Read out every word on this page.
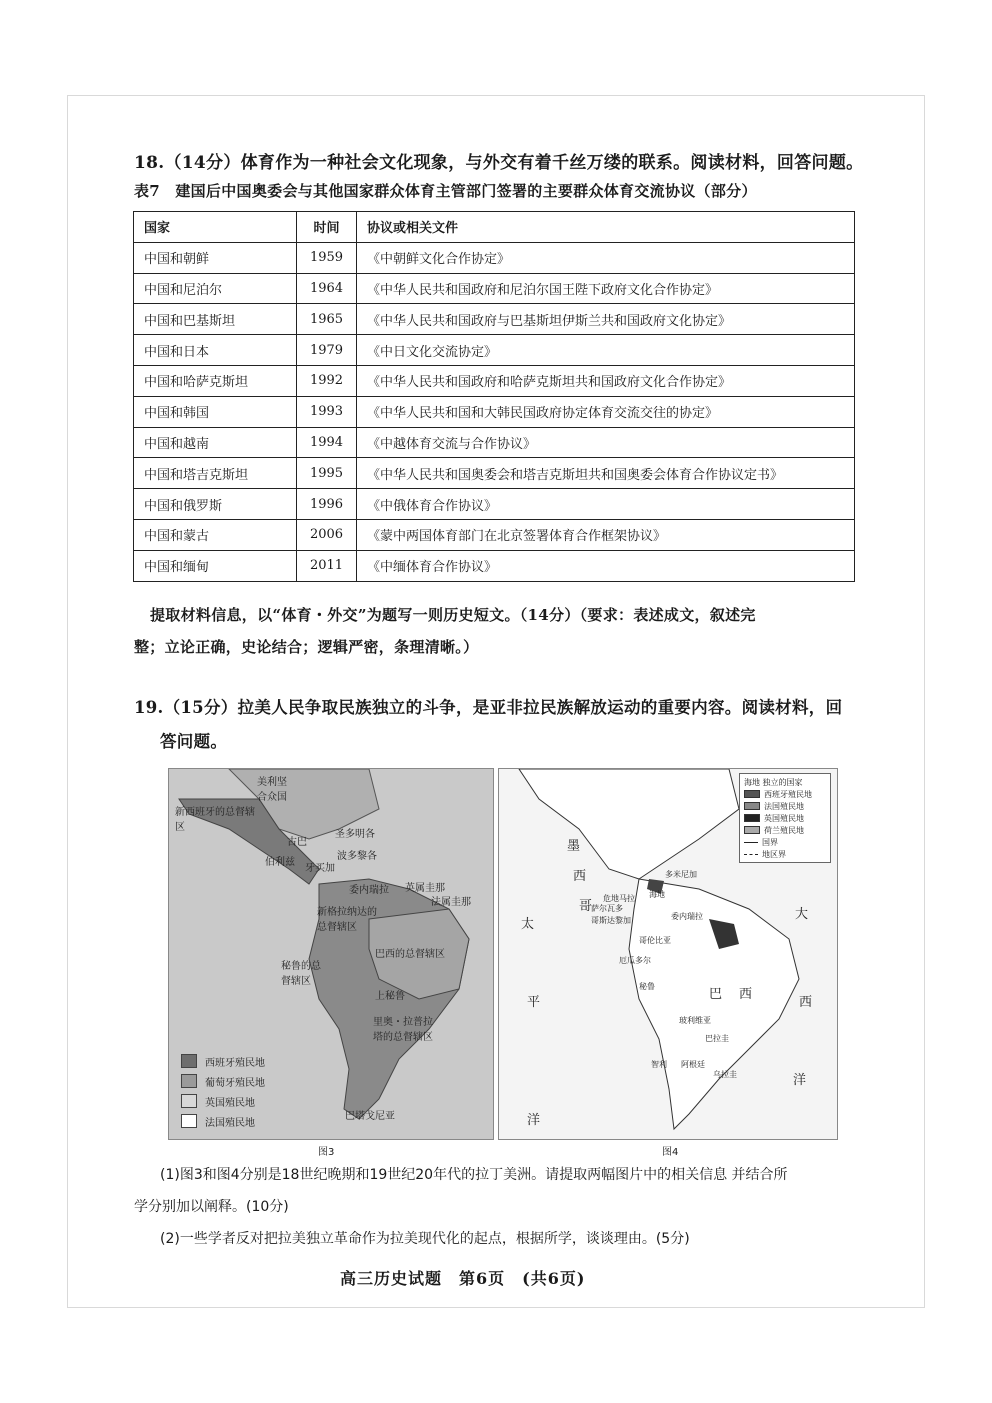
18.（14分）体育作为一种社会文化现象，与外交有着千丝万缕的联系。阅读材料，回答问题。
表7　建国后中国奥委会与其他国家群众体育主管部门签署的主要群众体育交流协议（部分）
国家	时间	协议或相关文件
中国和朝鲜	1959	《中朝鲜文化合作协定》
中国和尼泊尔	1964	《中华人民共和国政府和尼泊尔国王陛下政府文化合作协定》
中国和巴基斯坦	1965	《中华人民共和国政府与巴基斯坦伊斯兰共和国政府文化协定》
中国和日本	1979	《中日文化交流协定》
中国和哈萨克斯坦	1992	《中华人民共和国政府和哈萨克斯坦共和国政府文化合作协定》
中国和韩国	1993	《中华人民共和国和大韩民国政府协定体育交流交往的协定》
中国和越南	1994	《中越体育交流与合作协议》
中国和塔吉克斯坦	1995	《中华人民共和国奥委会和塔吉克斯坦共和国奥委会体育合作协议定书》
中国和俄罗斯	1996	《中俄体育合作协议》
中国和蒙古	2006	《蒙中两国体育部门在北京签署体育合作框架协议》
中国和缅甸	2011	《中缅体育合作协议》
提取材料信息，以“体育・外交”为题写一则历史短文。（14分）（要求：表述成文，叙述完
整；立论正确，史论结合；逻辑严密，条理清晰。）
19.（15分）拉美人民争取民族独立的斗争，是亚非拉民族解放运动的重要内容。阅读材料，回
答问题。
美利坚合众国
新西班牙的总督辖区
古巴
圣多明各
波多黎各
伯利兹
牙买加
委内瑞拉 英属圭那
法属圭那
新格拉纳达的总督辖区
巴西的总督辖区
秘鲁的总督辖区
上秘鲁
里奥・拉普拉塔的总督辖区
巴塔戈尼亚
西班牙殖民地
葡萄牙殖民地
英国殖民地
法国殖民地
墨
西
哥
太
平
洋
大
西
洋
巴 西
危地马拉
萨尔瓦多
哥斯达黎加
海地
多米尼加
委内瑞拉
哥伦比亚
厄瓜多尔
秘鲁
玻利维亚
智利 阿根廷
巴拉圭
乌拉圭
海地 独立的国家
西班牙殖民地
法国殖民地
英国殖民地
荷兰殖民地
国界
地区界
图3	图4
(1)图3和图4分别是18世纪晚期和19世纪20年代的拉丁美洲。请提取两幅图片中的相关信息 并结合所
学分别加以阐释。(10分)
(2)一些学者反对把拉美独立革命作为拉美现代化的起点，根据所学，谈谈理由。(5分)
高三历史试题　第6页　(共6页)
